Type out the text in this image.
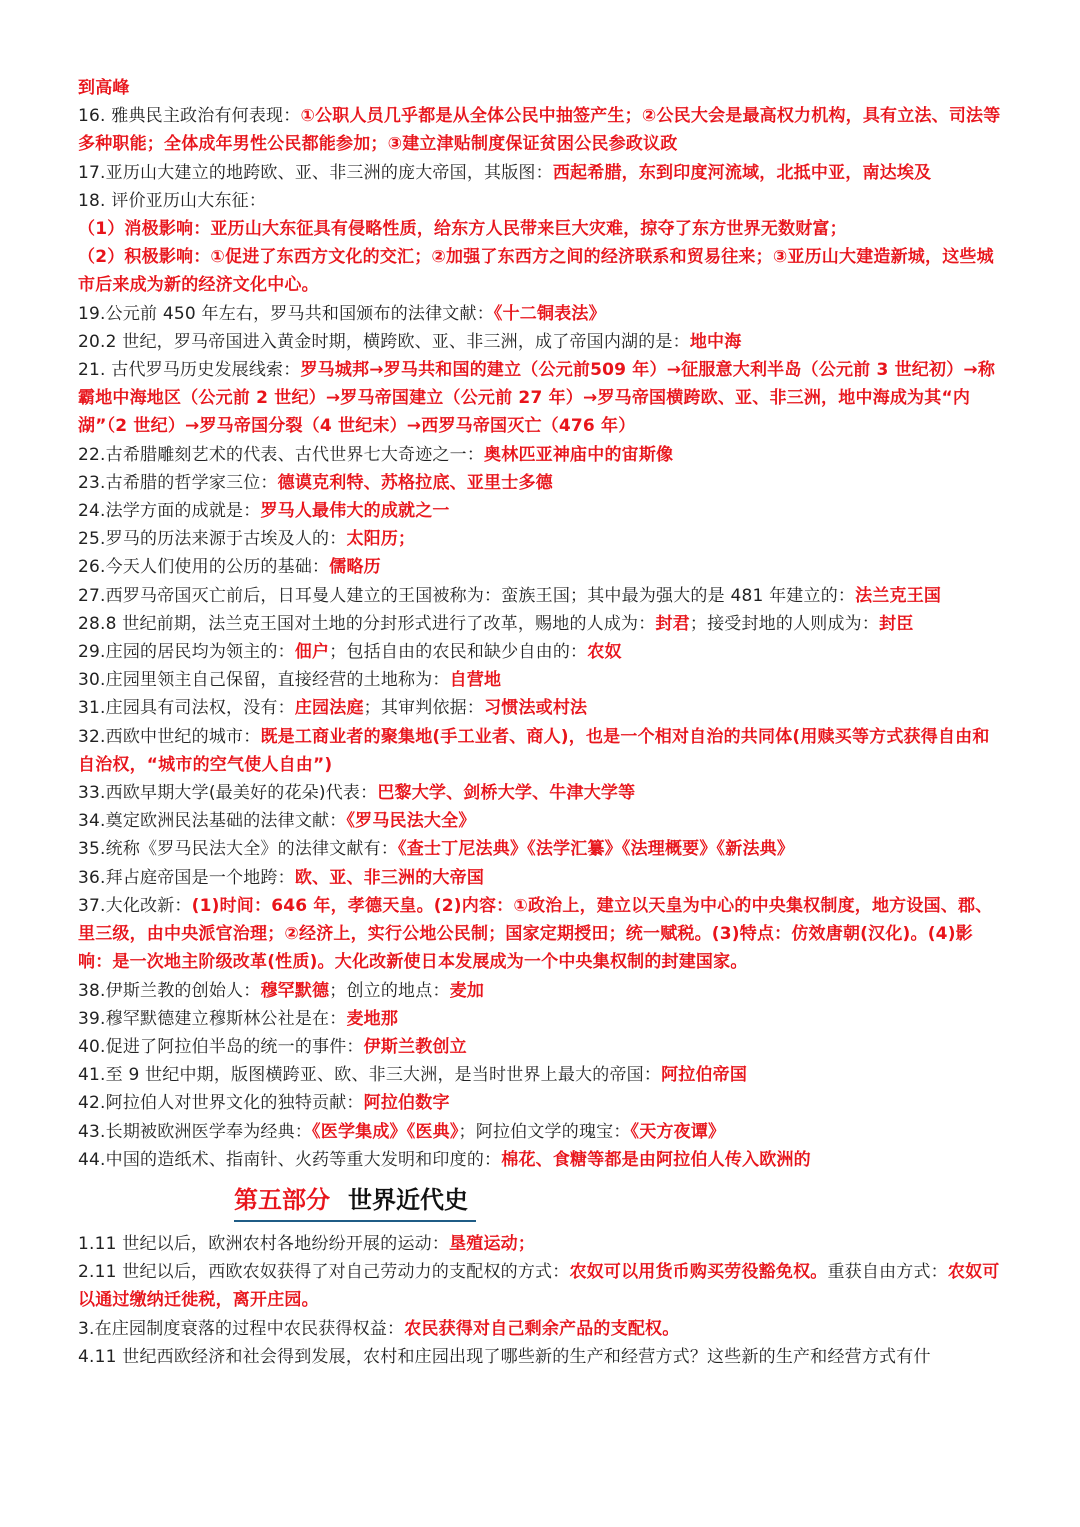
到高峰
16. 雅典民主政治有何表现：①公职人员几乎都是从全体公民中抽签产生；②公民大会是最高权力机构，具有立法、司法等多种职能；全体成年男性公民都能参加；③建立津贴制度保证贫困公民参政议政
17.亚历山大建立的地跨欧、亚、非三洲的庞大帝国，其版图：西起希腊，东到印度河流域，北抵中亚，南达埃及
18. 评价亚历山大东征：
（1）消极影响：亚历山大东征具有侵略性质，给东方人民带来巨大灾难，掠夺了东方世界无数财富；
（2）积极影响：①促进了东西方文化的交汇；②加强了东西方之间的经济联系和贸易往来；③亚历山大建造新城，这些城市后来成为新的经济文化中心。
19.公元前 450 年左右，罗马共和国颁布的法律文献：《十二铜表法》
20.2 世纪，罗马帝国进入黄金时期，横跨欧、亚、非三洲，成了帝国内湖的是：地中海
21. 古代罗马历史发展线索：罗马城邦→罗马共和国的建立（公元前509 年）→征服意大利半岛（公元前 3 世纪初）→称霸地中海地区（公元前 2 世纪）→罗马帝国建立（公元前 27 年）→罗马帝国横跨欧、亚、非三洲，地中海成为其“内湖”（2 世纪）→罗马帝国分裂（4 世纪末）→西罗马帝国灭亡（476 年）
22.古希腊雕刻艺术的代表、古代世界七大奇迹之一：奥林匹亚神庙中的宙斯像
23.古希腊的哲学家三位：德谟克利特、苏格拉底、亚里士多德
24.法学方面的成就是：罗马人最伟大的成就之一
25.罗马的历法来源于古埃及人的：太阳历；
26.今天人们使用的公历的基础：儒略历
27.西罗马帝国灭亡前后，日耳曼人建立的王国被称为：蛮族王国；其中最为强大的是 481 年建立的：法兰克王国
28.8 世纪前期，法兰克王国对土地的分封形式进行了改革，赐地的人成为：封君；接受封地的人则成为：封臣
29.庄园的居民均为领主的：佃户；包括自由的农民和缺少自由的：农奴
30.庄园里领主自己保留，直接经营的土地称为：自营地
31.庄园具有司法权，没有：庄园法庭；其审判依据：习惯法或村法
32.西欧中世纪的城市：既是工商业者的聚集地(手工业者、商人)，也是一个相对自治的共同体(用赎买等方式获得自由和自治权，“城市的空气使人自由”)
33.西欧早期大学(最美好的花朵)代表：巴黎大学、剑桥大学、牛津大学等
34.奠定欧洲民法基础的法律文献：《罗马民法大全》
35.统称《罗马民法大全》的法律文献有：《查士丁尼法典》《法学汇纂》《法理概要》《新法典》
36.拜占庭帝国是一个地跨：欧、亚、非三洲的大帝国
37.大化改新：(1)时间：646 年，孝德天皇。(2)内容：①政治上，建立以天皇为中心的中央集权制度，地方设国、郡、里三级，由中央派官治理；②经济上，实行公地公民制；国家定期授田；统一赋税。(3)特点：仿效唐朝(汉化)。(4)影响：是一次地主阶级改革(性质)。大化改新使日本发展成为一个中央集权制的封建国家。
38.伊斯兰教的创始人：穆罕默德；创立的地点：麦加
39.穆罕默德建立穆斯林公社是在：麦地那
40.促进了阿拉伯半岛的统一的事件：伊斯兰教创立
41.至 9 世纪中期，版图横跨亚、欧、非三大洲，是当时世界上最大的帝国：阿拉伯帝国
42.阿拉伯人对世界文化的独特贡献：阿拉伯数字
43.长期被欧洲医学奉为经典：《医学集成》《医典》；阿拉伯文学的瑰宝：《天方夜谭》
44.中国的造纸术、指南针、火药等重大发明和印度的：棉花、食糖等都是由阿拉伯人传入欧洲的
第五部分 世界近代史
1.11 世纪以后，欧洲农村各地纷纷开展的运动：垦殖运动；
2.11 世纪以后，西欧农奴获得了对自己劳动力的支配权的方式：农奴可以用货币购买劳役豁免权。重获自由方式：农奴可以通过缴纳迁徙税，离开庄园。
3.在庄园制度衰落的过程中农民获得权益：农民获得对自己剩余产品的支配权。
4.11 世纪西欧经济和社会得到发展，农村和庄园出现了哪些新的生产和经营方式？这些新的生产和经营方式有什
